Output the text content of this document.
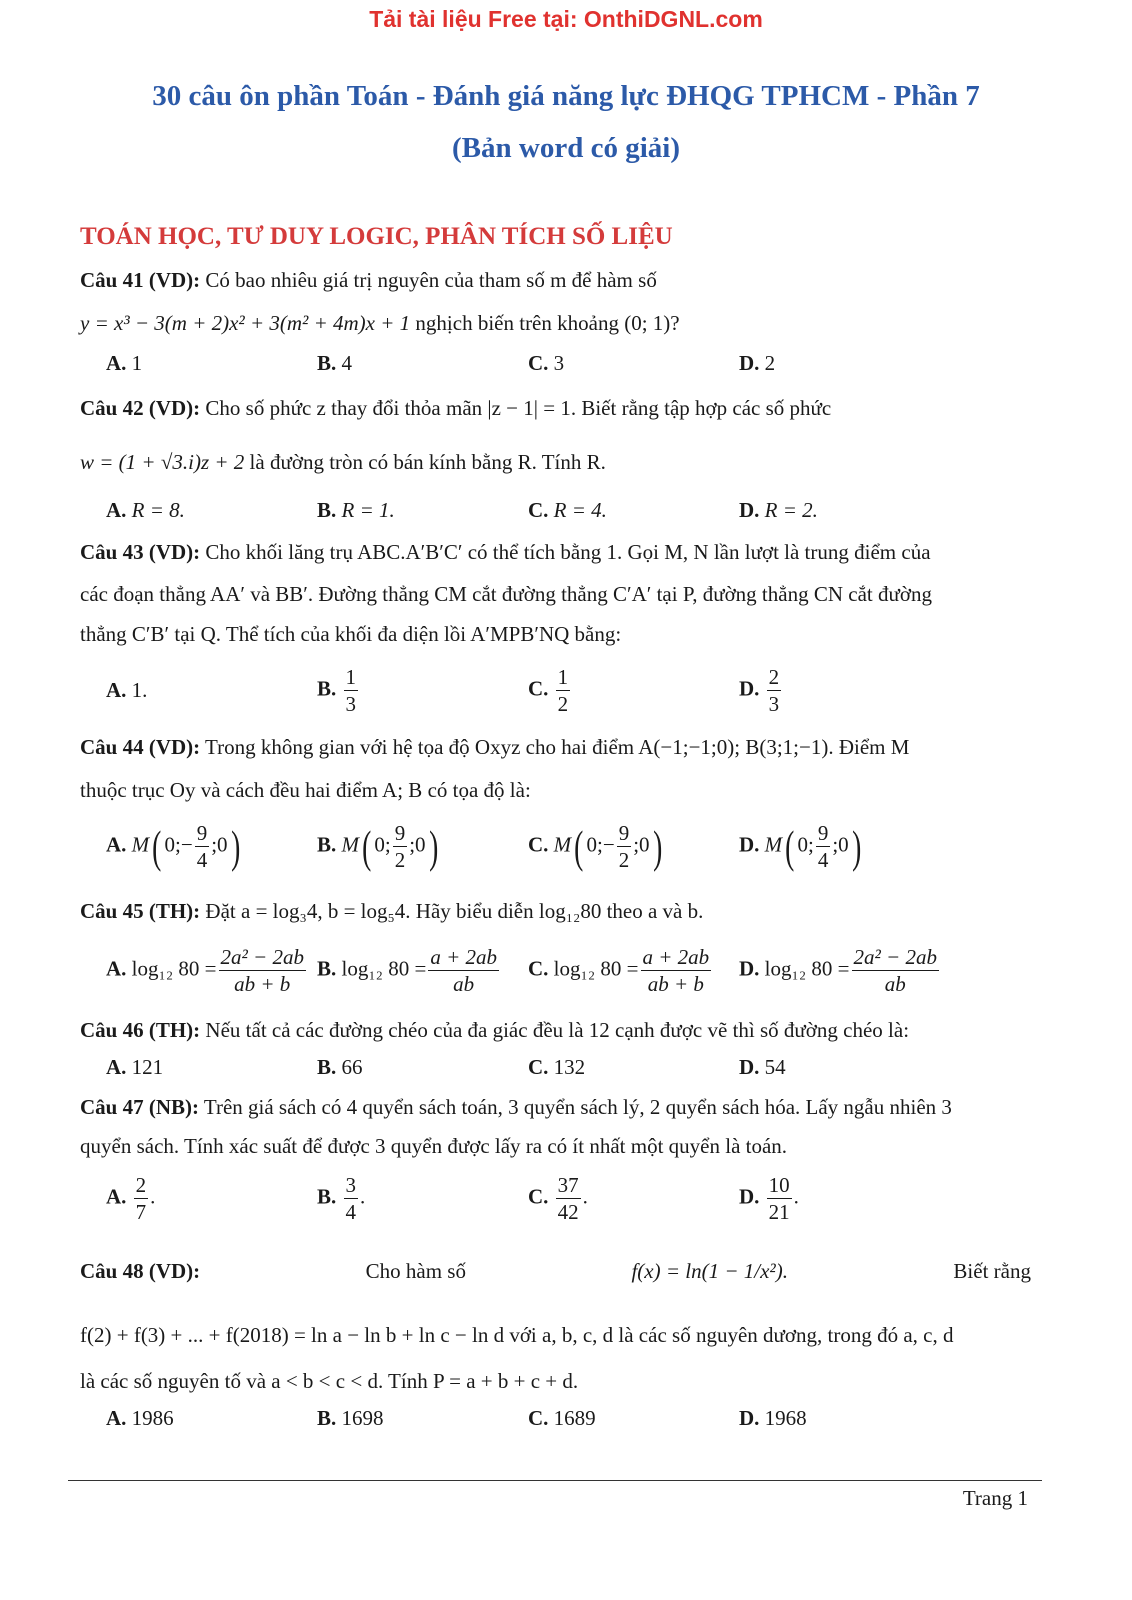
Tải tài liệu Free tại: OnthiDGNL.com
30 câu ôn phần Toán - Đánh giá năng lực ĐHQG TPHCM - Phần 7
(Bản word có giải)
TOÁN HỌC, TƯ DUY LOGIC, PHÂN TÍCH SỐ LIỆU
Câu 41 (VD): Có bao nhiêu giá trị nguyên của tham số m để hàm số
y = x³ − 3(m + 2)x² + 3(m² + 4m)x + 1 nghịch biến trên khoảng (0; 1)?
A. 1	B. 4	C. 3	D. 2
Câu 42 (VD): Cho số phức z thay đổi thỏa mãn |z − 1| = 1. Biết rằng tập hợp các số phức
w = (1 + √3.i)z + 2 là đường tròn có bán kính bằng R. Tính R.
A. R = 8.	B. R = 1.	C. R = 4.	D. R = 2.
Câu 43 (VD): Cho khối lăng trụ ABC.A′B′C′ có thể tích bằng 1. Gọi M, N lần lượt là trung điểm của
các đoạn thẳng AA′ và BB′. Đường thẳng CM cắt đường thẳng C′A′ tại P, đường thẳng CN cắt đường
thẳng C′B′ tại Q. Thể tích của khối đa diện lồi A′MPB′NQ bằng:
A. 1.	B. $\frac{1}{3}$	C. $\frac{1}{2}$	D. $\frac{2}{3}$
Câu 44 (VD): Trong không gian với hệ tọa độ Oxyz cho hai điểm A(−1;−1;0); B(3;1;−1). Điểm M
thuộc trục Oy và cách đều hai điểm A; B có tọa độ là:
A. M( 0;− $\frac{9}{4}$ ;0)	B. M( 0; $\frac{9}{2}$ ;0)	C. M( 0;− $\frac{9}{2}$ ;0)	D. M( 0; $\frac{9}{4}$ ;0)
Câu 45 (TH): Đặt a = log₃4, b = log₅4. Hãy biểu diễn log₁₂80 theo a và b.
A. log₁₂ $80 = \frac{\text{2a² − 2ab}}{ab + b} B$. log₁₂ $80 = \frac{a + 2ab}{ab} C$. log₁₂ $80 = \frac{a + 2ab}{ab + b} D$. log₁₂ $80 = \frac{\text{2a² − 2ab}}{ab}$
Câu 46 (TH): Nếu tất cả các đường chéo của đa giác đều là 12 cạnh được vẽ thì số đường chéo là:
A. 121	B. 66	C. 132	D. 54
Câu 47 (NB): Trên giá sách có 4 quyển sách toán, 3 quyển sách lý, 2 quyển sách hóa. Lấy ngẫu nhiên 3
quyển sách. Tính xác suất để được 3 quyển được lấy ra có ít nhất một quyển là toán.
A. $\frac{2}{7}$ .	B. $\frac{3}{4}$ .	C. $\frac{37}{42}$ .	D. $\frac{10}{21}$ .
Câu 48 (VD):	Cho hàm số	f(x) = ln(1 − 1/x²).	Biết rằng
f(2) + f(3) + ... + f(2018) = ln a − ln b + ln c − ln d với a, b, c, d là các số nguyên dương, trong đó a, c, d
là các số nguyên tố và a < b < c < d. Tính P = a + b + c + d.
A. 1986	B. 1698	C. 1689	D. 1968
Trang 1
